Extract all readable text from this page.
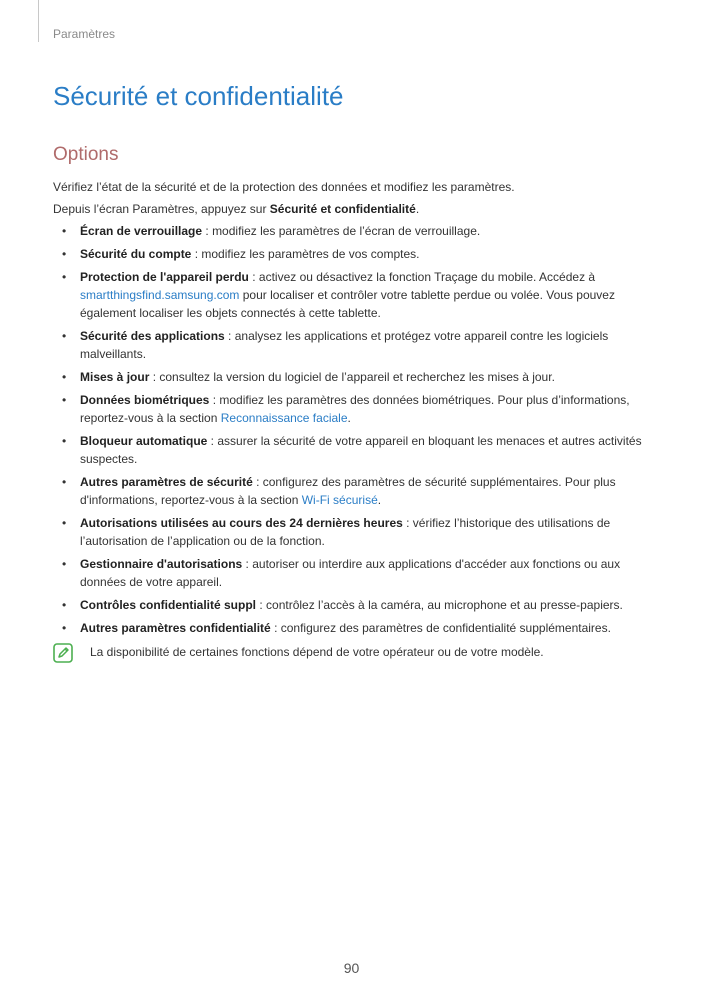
Paramètres
Sécurité et confidentialité
Options

Vérifiez l’état de la sécurité et de la protection des données et modifiez les paramètres.

Depuis l’écran Paramètres, appuyez sur Sécurité et confidentialité.

• Écran de verrouillage : modifiez les paramètres de l’écran de verrouillage.
• Sécurité du compte : modifiez les paramètres de vos comptes.
• Protection de l'appareil perdu : activez ou désactivez la fonction Traçage du mobile. Accédez à smartthingsfind.samsung.com pour localiser et contrôler votre tablette perdue ou volée. Vous pouvez également localiser les objets connectés à cette tablette.
• Sécurité des applications : analysez les applications et protégez votre appareil contre les logiciels malveillants.
• Mises à jour : consultez la version du logiciel de l’appareil et recherchez les mises à jour.
• Données biométriques : modifiez les paramètres des données biométriques. Pour plus d’informations, reportez-vous à la section Reconnaissance faciale.
• Bloqueur automatique : assurer la sécurité de votre appareil en bloquant les menaces et autres activités suspectes.
• Autres paramètres de sécurité : configurez des paramètres de sécurité supplémentaires. Pour plus d'informations, reportez-vous à la section Wi-Fi sécurisé.
• Autorisations utilisées au cours des 24 dernières heures : vérifiez l’historique des utilisations de l’autorisation de l’application ou de la fonction.
• Gestionnaire d'autorisations : autoriser ou interdire aux applications d'accéder aux fonctions ou aux données de votre appareil.
• Contrôles confidentialité suppl : contrôlez l’accès à la caméra, au microphone et au presse-papiers.
• Autres paramètres confidentialité : configurez des paramètres de confidentialité supplémentaires.
La disponibilité de certaines fonctions dépend de votre opérateur ou de votre modèle.
90
